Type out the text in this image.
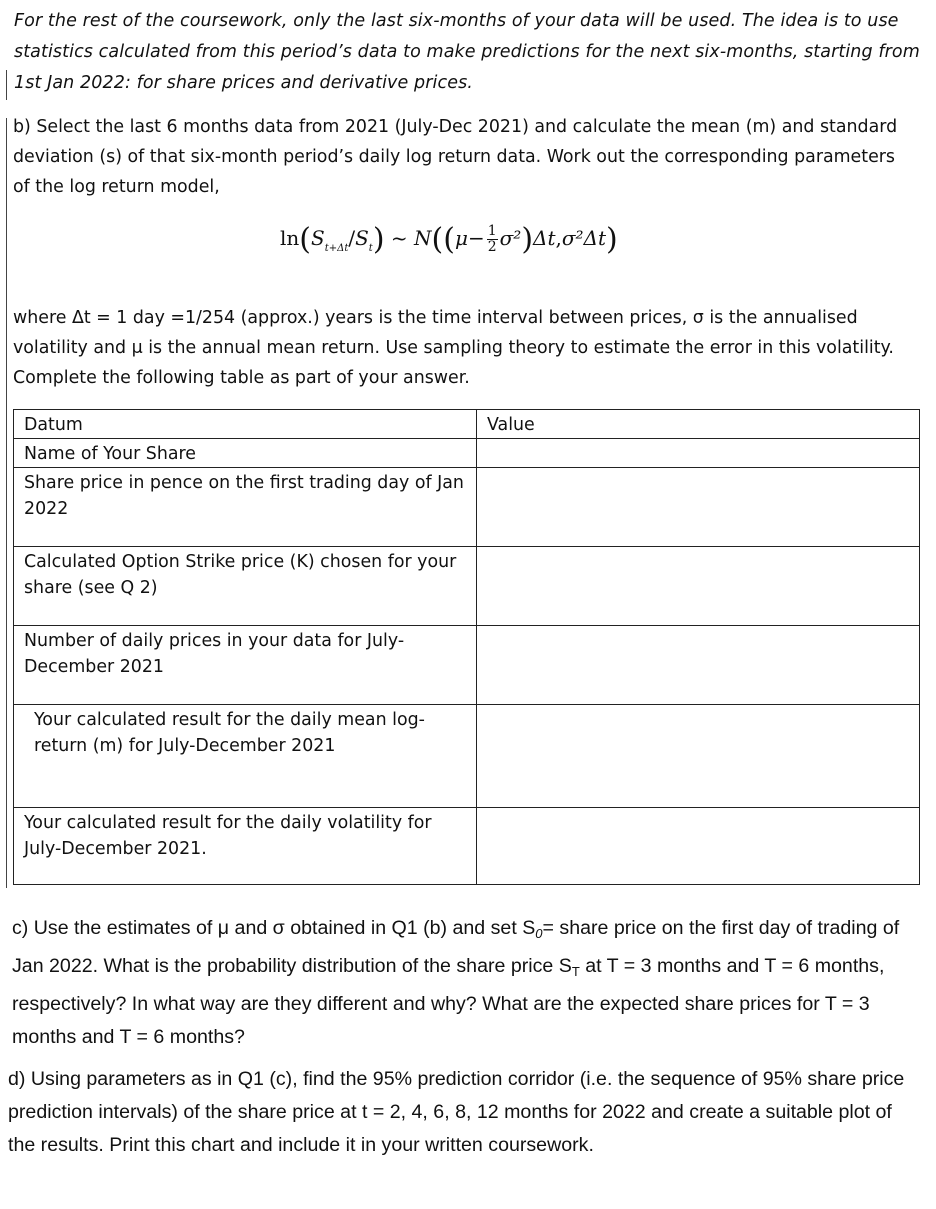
For the rest of the coursework, only the last six-months of your data will be used. The idea is to use statistics calculated from this period’s data to make predictions for the next six-months, starting from 1st Jan 2022: for share prices and derivative prices.

b) Select the last 6 months data from 2021 (July-Dec 2021) and calculate the mean (m) and standard deviation (s) of that six-month period’s daily log return data. Work out the corresponding parameters of the log return model,

$\ln(S_{t+\Delta t}/S_t)$ ~ $N((\mu- \frac{1}{2} \sigma^2)\Delta t,\sigma^2\Delta t)$

where Δt = 1 day =1/254 (approx.) years is the time interval between prices, σ is the annualised volatility and μ is the annual mean return. Use sampling theory to estimate the error in this volatility. Complete the following table as part of your answer.

Datum	Value
Name of Your Share	
Share price in pence on the first trading day of Jan 2022	
Calculated Option Strike price (K) chosen for your share (see Q 2)	
Number of daily prices in your data for July-December 2021	
Your calculated result for the daily mean log-return (m) for July-December 2021	
Your calculated result for the daily volatility for July-December 2021.	

c) Use the estimates of μ and σ obtained in Q1 (b) and set $S_0=$ share price on the first day of trading of Jan 2022. What is the probability distribution of the share price $S_T$ at T = 3 months and T = 6 months, respectively? In what way are they different and why? What are the expected share prices for T = 3 months and T = 6 months?

d) Using parameters as in Q1 (c), find the 95% prediction corridor (i.e. the sequence of 95% share price prediction intervals) of the share price at t = 2, 4, 6, 8, 12 months for 2022 and create a suitable plot of the results. Print this chart and include it in your written coursework.
